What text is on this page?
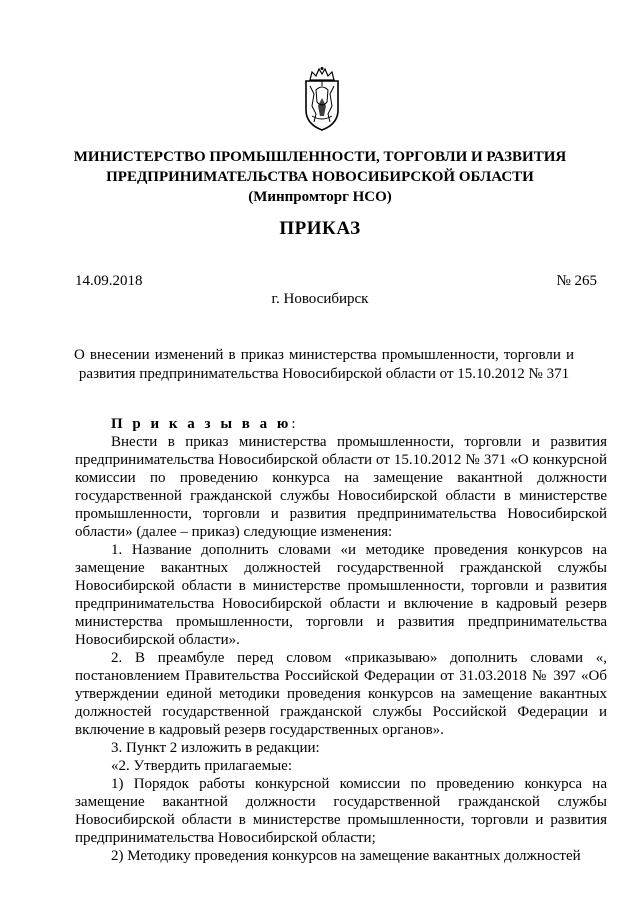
МИНИСТЕРСТВО ПРОМЫШЛЕННОСТИ, ТОРГОВЛИ И РАЗВИТИЯ
ПРЕДПРИНИМАТЕЛЬСТВА НОВОСИБИРСКОЙ ОБЛАСТИ
(Минпромторг НСО)
ПРИКАЗ
14.09.2018	№ 265
г. Новосибирск
О внесении изменений в приказ министерства промышленности, торговли и развития предпринимательства Новосибирской области от 15.10.2012 № 371

П р и к а з ы в а ю:

Внести в приказ министерства промышленности, торговли и развития предпринимательства Новосибирской области от 15.10.2012 № 371 «О конкурсной комиссии по проведению конкурса на замещение вакантной должности государственной гражданской службы Новосибирской области в министерстве промышленности, торговли и развития предпринимательства Новосибирской области» (далее – приказ) следующие изменения:

1. Название дополнить словами «и методике проведения конкурсов на замещение вакантных должностей государственной гражданской службы Новосибирской области в министерстве промышленности, торговли и развития предпринимательства Новосибирской области и включение в кадровый резерв министерства промышленности, торговли и развития предпринимательства Новосибирской области».

2. В преамбуле перед словом «приказываю» дополнить словами «, постановлением Правительства Российской Федерации от 31.03.2018 № 397 «Об утверждении единой методики проведения конкурсов на замещение вакантных должностей государственной гражданской службы Российской Федерации и включение в кадровый резерв государственных органов».

3. Пункт 2 изложить в редакции:

«2. Утвердить прилагаемые:

1) Порядок работы конкурсной комиссии по проведению конкурса на замещение вакантной должности государственной гражданской службы Новосибирской области в министерстве промышленности, торговли и развития предпринимательства Новосибирской области;

2) Методику проведения конкурсов на замещение вакантных должностей
